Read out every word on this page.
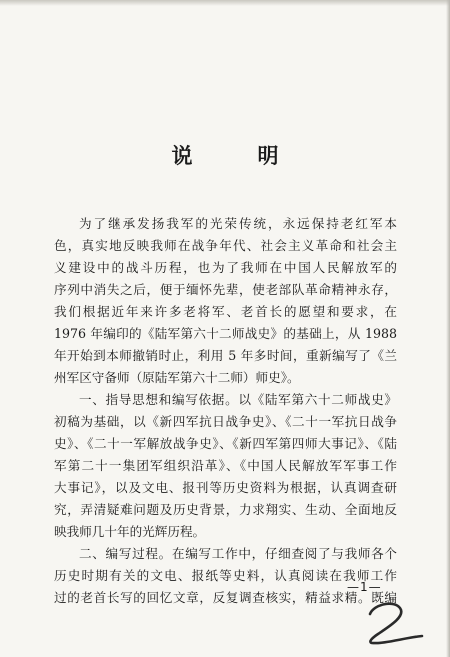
说　明
为了继承发扬我军的光荣传统，永远保持老红军本
色，真实地反映我师在战争年代、社会主义革命和社会主
义建设中的战斗历程，也为了我师在中国人民解放军的
序列中消失之后，便于缅怀先辈，使老部队革命精神永存，
我们根据近年来许多老将军、老首长的愿望和要求，在
1976 年编印的《陆军第六十二师战史》的基础上，从 1988
年开始到本师撤销时止，利用 5 年多时间，重新编写了《兰
州军区守备师（原陆军第六十二师）师史》。
一、指导思想和编写依据。以《陆军第六十二师战史》
初稿为基础，以《新四军抗日战争史》、《二十一军抗日战争
史》、《二十一军解放战争史》、《新四军第四师大事记》、《陆
军第二十一集团军组织沿革》、《中国人民解放军军事工作
大事记》，以及文电、报刊等历史资料为根据，认真调查研
究，弄清疑难问题及历史背景，力求翔实、生动、全面地反
映我师几十年的光辉历程。
二、编写过程。在编写工作中，仔细查阅了与我师各个
历史时期有关的文电、报纸等史料，认真阅读在我师工作
过的老首长写的回忆文章，反复调查核实，精益求精。既编
—1—
